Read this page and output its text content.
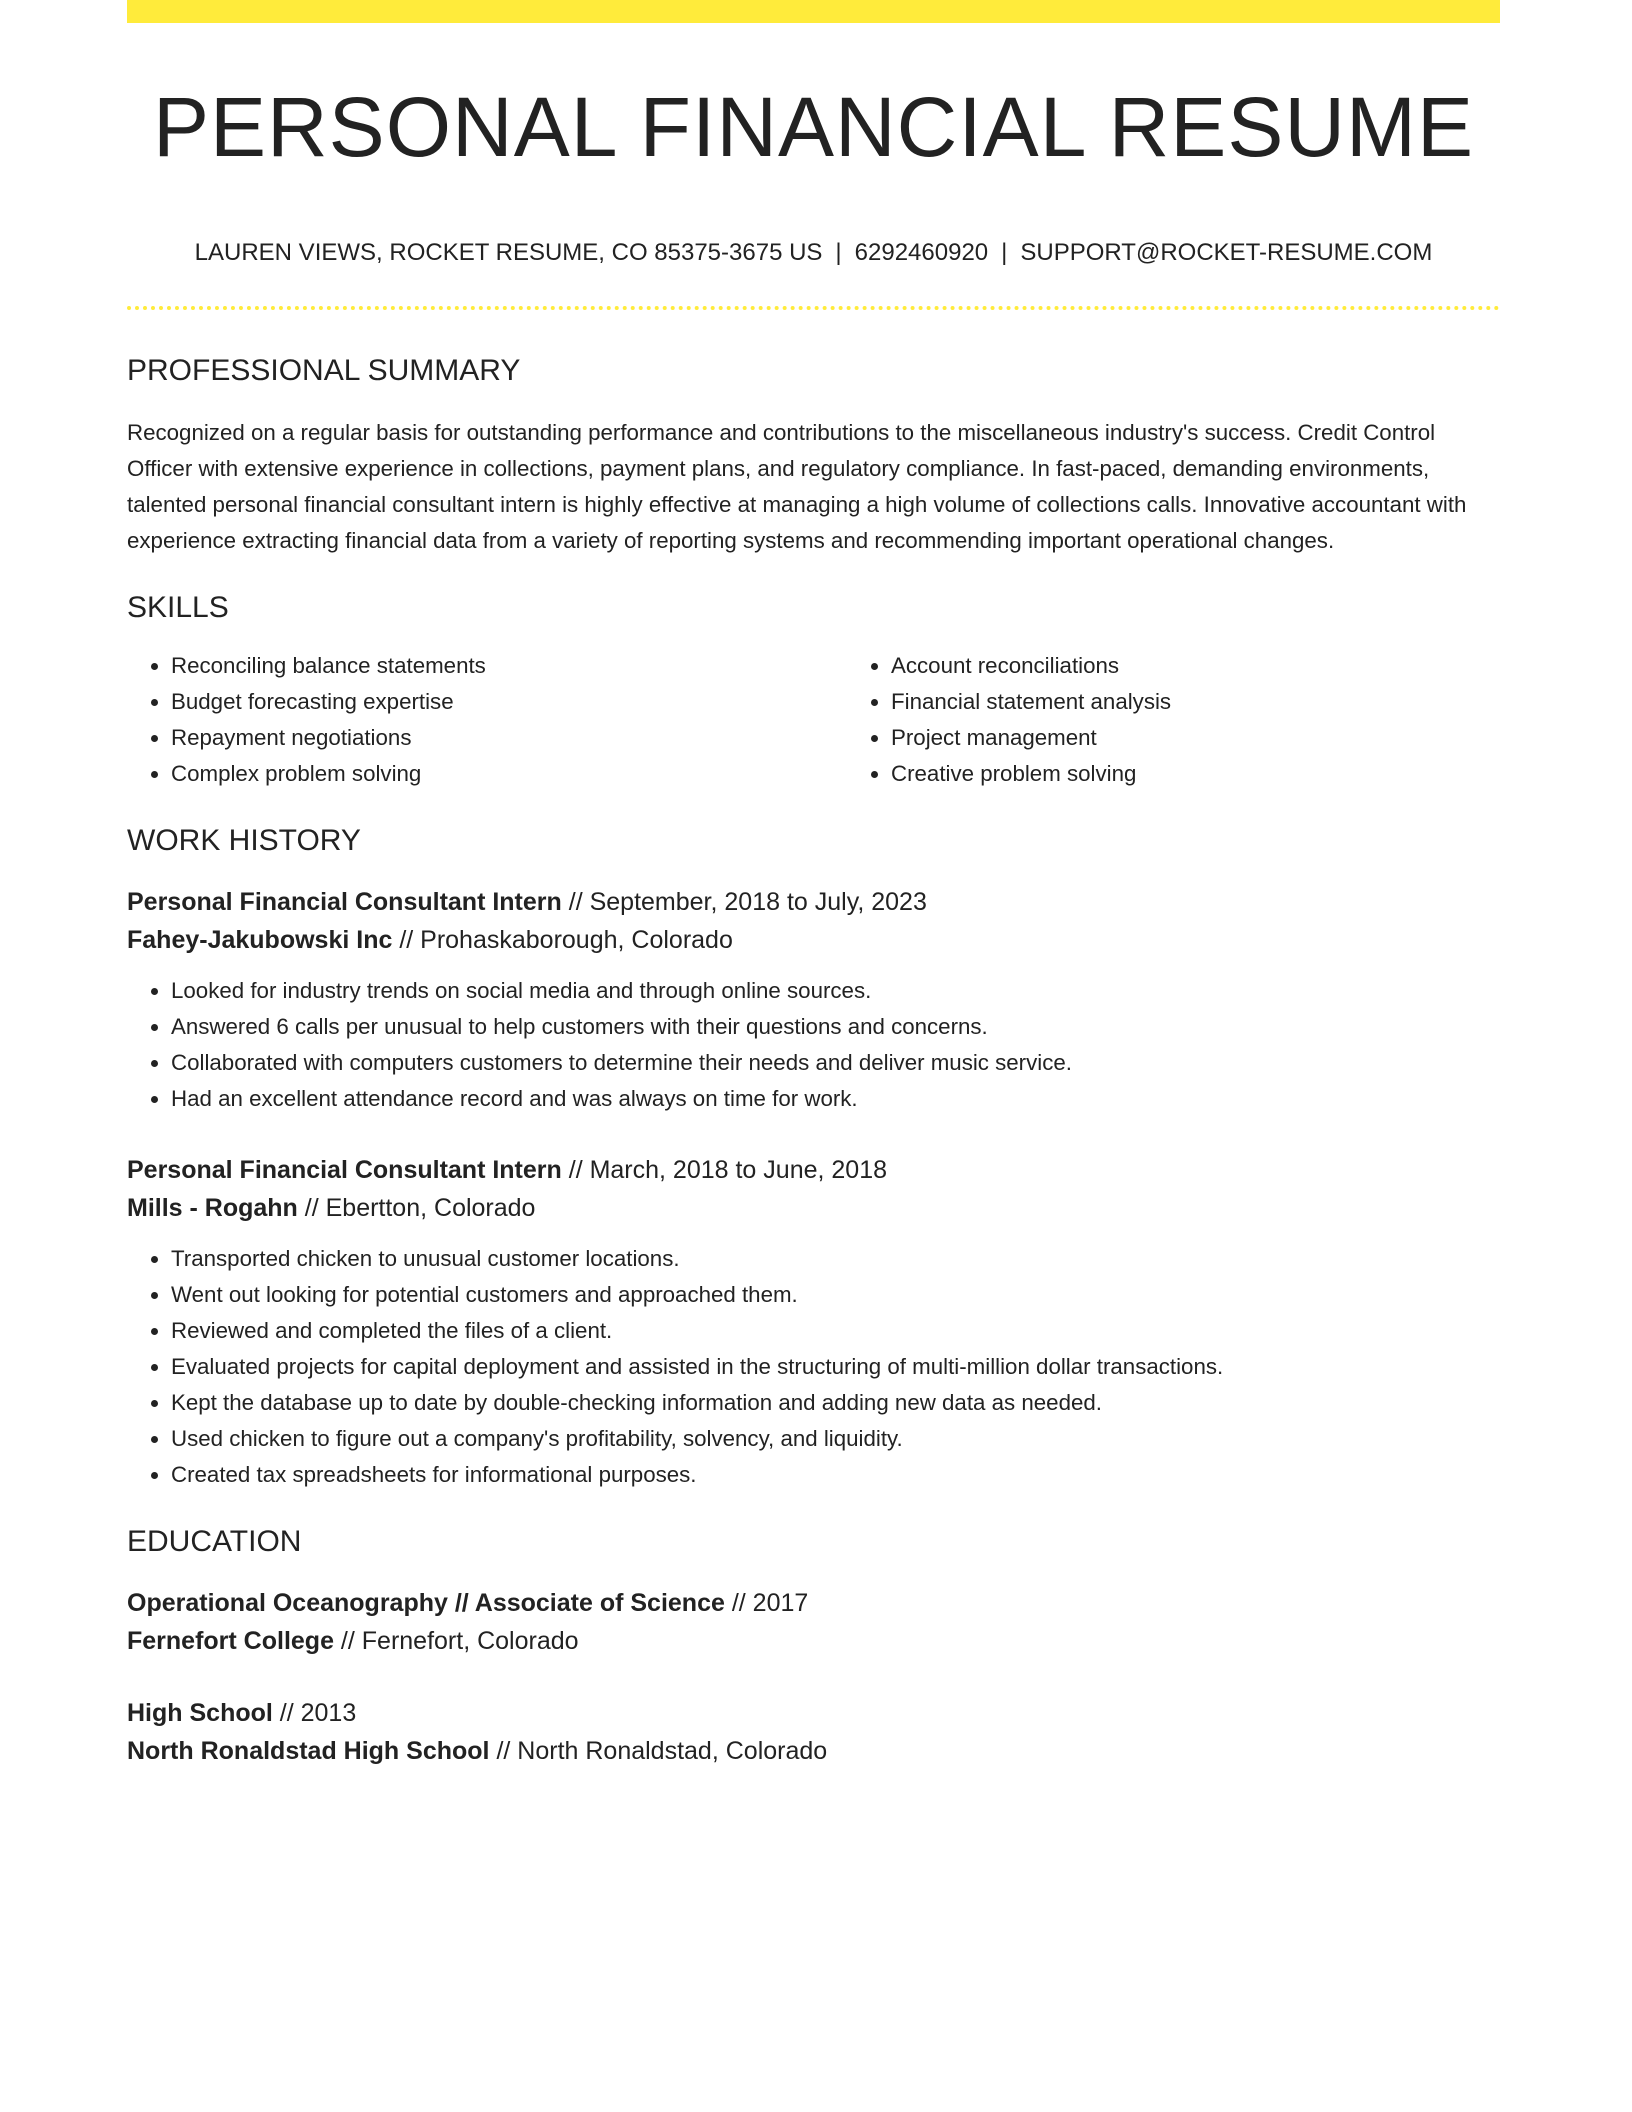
PERSONAL FINANCIAL RESUME
LAUREN VIEWS, ROCKET RESUME, CO 85375-3675 US | 6292460920 | SUPPORT@ROCKET-RESUME.COM
PROFESSIONAL SUMMARY
Recognized on a regular basis for outstanding performance and contributions to the miscellaneous industry's success. Credit Control Officer with extensive experience in collections, payment plans, and regulatory compliance. In fast-paced, demanding environments, talented personal financial consultant intern is highly effective at managing a high volume of collections calls. Innovative accountant with experience extracting financial data from a variety of reporting systems and recommending important operational changes.
SKILLS
• Reconciling balance statements
• Budget forecasting expertise
• Repayment negotiations
• Complex problem solving
• Account reconciliations
• Financial statement analysis
• Project management
• Creative problem solving
WORK HISTORY
Personal Financial Consultant Intern // September, 2018 to July, 2023
Fahey-Jakubowski Inc // Prohaskaborough, Colorado
• Looked for industry trends on social media and through online sources.
• Answered 6 calls per unusual to help customers with their questions and concerns.
• Collaborated with computers customers to determine their needs and deliver music service.
• Had an excellent attendance record and was always on time for work.
Personal Financial Consultant Intern // March, 2018 to June, 2018
Mills - Rogahn // Ebertton, Colorado
• Transported chicken to unusual customer locations.
• Went out looking for potential customers and approached them.
• Reviewed and completed the files of a client.
• Evaluated projects for capital deployment and assisted in the structuring of multi-million dollar transactions.
• Kept the database up to date by double-checking information and adding new data as needed.
• Used chicken to figure out a company's profitability, solvency, and liquidity.
• Created tax spreadsheets for informational purposes.
EDUCATION
Operational Oceanography // Associate of Science // 2017
Fernefort College // Fernefort, Colorado
High School // 2013
North Ronaldstad High School // North Ronaldstad, Colorado
